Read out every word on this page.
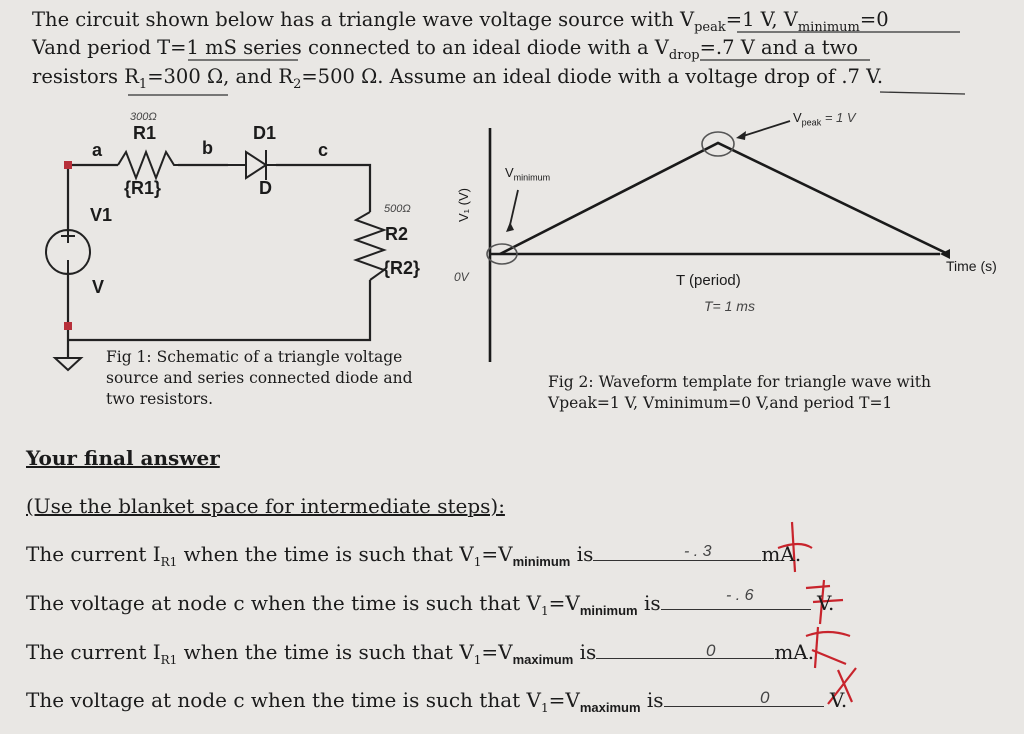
The circuit shown below has a triangle wave voltage source with $V_{peak}=1$ V, $V_{minimum}=0$
Vand period T=1 mS series connected to an ideal diode with a $V_{drop}=.7$ V and a two
resistors $R_1=300$ Ω, and $R_2=500$ Ω. Assume an ideal diode with a voltage drop of .7 V.
300Ω
R1
{R1}
a	b	c
D1
D
V1
V
500Ω
R2
{R2}
Fig 1: Schematic of a triangle voltage source and series connected diode and two resistors.
V₁ (V)
0V
$V_{minimum}$
$V_{peak} = 1$ V
Time (s)
T (period)
T= 1 ms
Fig 2: Waveform template for triangle wave with Vpeak=1 V, Vminimum=0 V,and period T=1
Your final answer
(Use the blanket space for intermediate steps):
The current $I_{R1}$ when the time is such that $V_1=V_{minimum}$ is	mA.
- . 3
The voltage at node c when the time is such that $V_1=V_{minimum}$ is	V.
- . 6
The current $I_{R1}$ when the time is such that $V_1=V_{maximum}$ is	mA.
0
The voltage at node c when the time is such that $V_1=V_{maximum}$ is	V.
0
